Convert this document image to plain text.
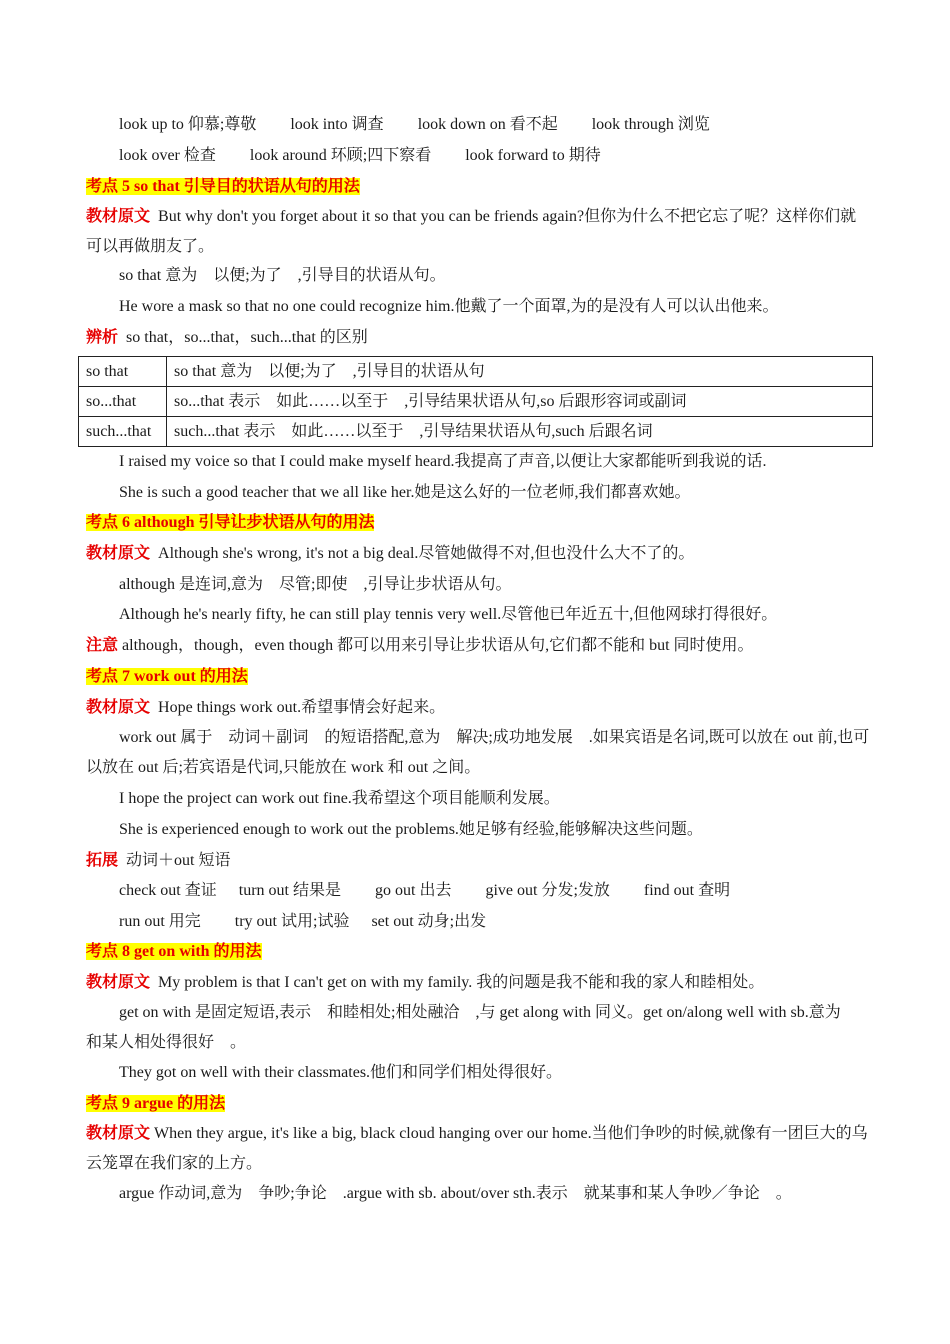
look up to 仰慕;尊敬 look into 调查 look down on 看不起 look through 浏览
look over 检查 look around 环顾;四下察看 look forward to 期待
考点 5 so that 引导目的状语从句的用法
教材原文 But why don't you forget about it so that you can be friends again?但你为什么不把它忘了呢？这样你们就可以再做朋友了。
so that 意为　以便;为了　,引导目的状语从句。
He wore a mask so that no one could recognize him.他戴了一个面罩,为的是没有人可以认出他来。
辨析 so that，so...that，such...that 的区别
so that	so that 意为　以便;为了　,引导目的状语从句
so...that	so...that 表示　如此……以至于　,引导结果状语从句,so 后跟形容词或副词
such...that	such...that 表示　如此……以至于　,引导结果状语从句,such 后跟名词
I raised my voice so that I could make myself heard.我提高了声音,以便让大家都能听到我说的话.
She is such a good teacher that we all like her.她是这么好的一位老师,我们都喜欢她。
考点 6 although 引导让步状语从句的用法
教材原文 Although she's wrong, it's not a big deal.尽管她做得不对,但也没什么大不了的。
although 是连词,意为　尽管;即使　,引导让步状语从句。
Although he's nearly fifty, he can still play tennis very well.尽管他已年近五十,但他网球打得很好。
注意 although，though，even though 都可以用来引导让步状语从句,它们都不能和 but 同时使用。
考点 7 work out 的用法
教材原文 Hope things work out.希望事情会好起来。
work out 属于　动词＋副词　的短语搭配,意为　解决;成功地发展　.如果宾语是名词,既可以放在 out 前,也可以放在 out 后;若宾语是代词,只能放在 work 和 out 之间。
I hope the project can work out fine.我希望这个项目能顺利发展。
She is experienced enough to work out the problems.她足够有经验,能够解决这些问题。
拓展 动词＋out 短语
check out 查证 turn out 结果是 go out 出去 give out 分发;发放 find out 查明
run out 用完 try out 试用;试验 set out 动身;出发
考点 8 get on with 的用法
教材原文 My problem is that I can't get on with my family. 我的问题是我不能和我的家人和睦相处。
get on with 是固定短语,表示　和睦相处;相处融洽　,与 get along with 同义。get on/along well with sb.意为　和某人相处得很好　。
They got on well with their classmates.他们和同学们相处得很好。
考点 9 argue 的用法
教材原文 When they argue, it's like a big, black cloud hanging over our home.当他们争吵的时候,就像有一团巨大的乌云笼罩在我们家的上方。
argue 作动词,意为　争吵;争论　.argue with sb. about/over sth.表示　就某事和某人争吵／争论　。
